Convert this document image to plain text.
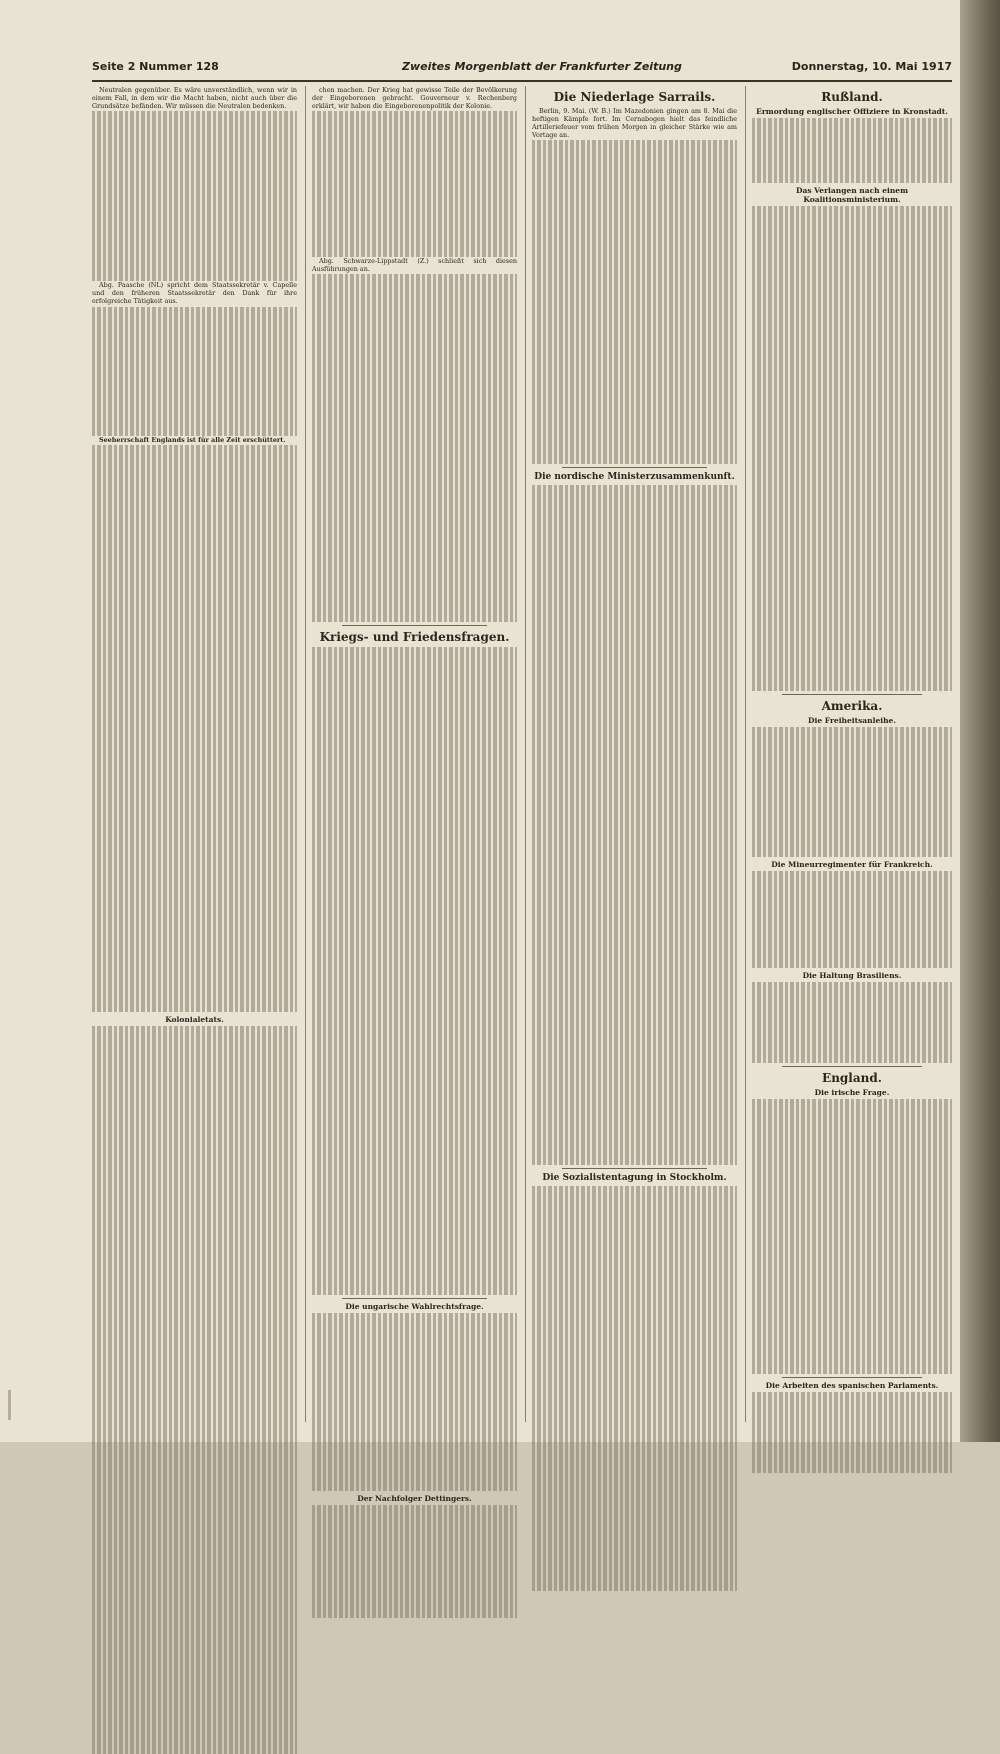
Seite 2 Nummer 128	Zweites Morgenblatt der Frankfurter Zeitung	Donnerstag, 10. Mai 1917

Neutralen gegenüber. Es wäre unverständlich, wenn wir in einem Fall, in dem wir die Macht haben, nicht auch über die Grundsätze befänden. Wir müssen die Neutralen bedenken.

Abg. Paasche (NL) spricht dem Staatssekretär v. Capelle und den früheren Staatssekretär den Dank für ihre erfolgreiche Tätigkeit aus.

Seeherrschaft Englands ist für alle Zeit erschüttert.

Kolonialetats.

chen machen. Der Krieg hat gewisse Teile der Bevölkerung der Eingeborenen gebracht. Gouverneur v. Rechenberg erklärt, wir haben die Eingeborenenpolitik der Kolonie.

Abg. Schwarze-Lippstadt (Z.) schließt sich diesen Ausführungen an.

Kriegs- und Friedensfragen.
Die ungarische Wahlrechtsfrage.
Der Nachfolger Dettingers.
Die Niederlage Sarrails.

Berlin, 9. Mai. (W. B.) Im Mazedonien gingen am 8. Mai die heftigen Kämpfe fort. Im Cernabogen hielt das feindliche Artilleriefeuer vom frühen Morgen in gleicher Stärke wie am Vortage an.

Die nordische Ministerzusammenkunft.
Die Sozialistentagung in Stockholm.
Rußland.
Ermordung englischer Offiziere in Kronstadt.
Das Verlangen nach einem Koalitionsministerium.
Amerika.
Die Freiheitsanleihe.
Die Mineurregimenter für Frankreich.
Die Haltung Brasiliens.
England.
Die irische Frage.
Die Arbeiten des spanischen Parlaments.
